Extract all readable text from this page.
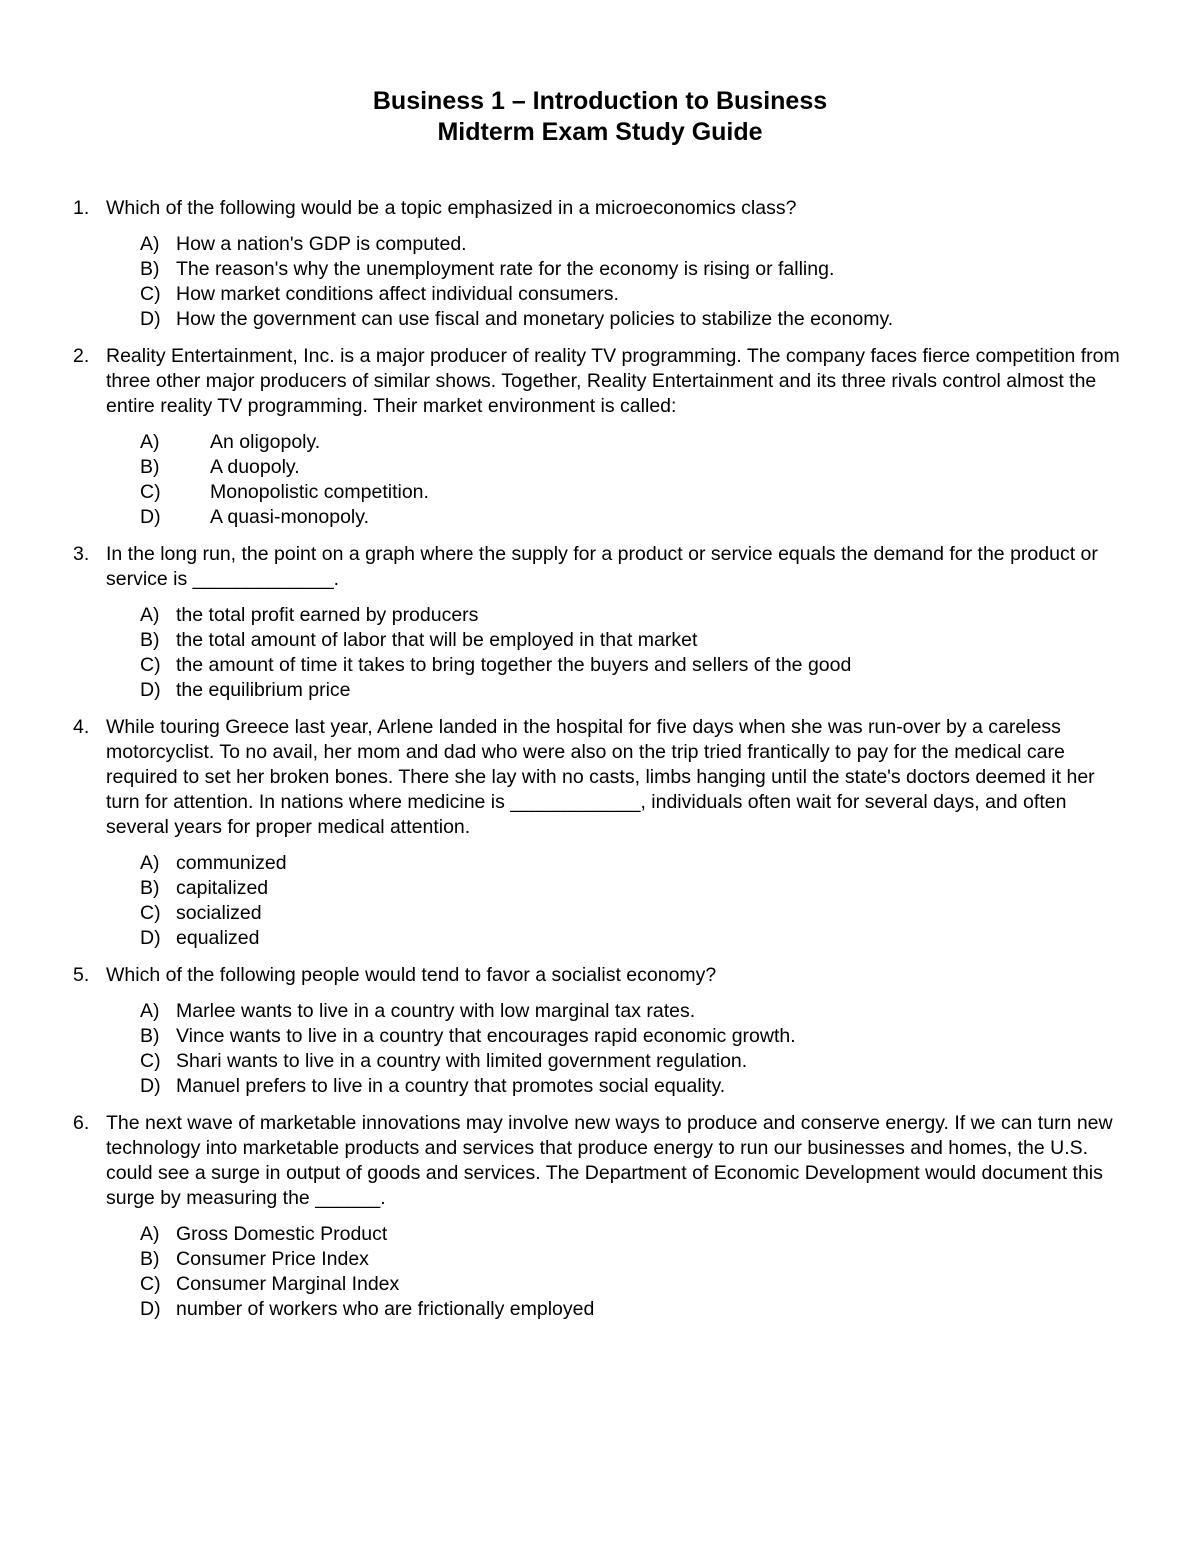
Business 1 – Introduction to Business
Midterm Exam Study Guide
1. Which of the following would be a topic emphasized in a microeconomics class?
A) How a nation's GDP is computed.
B) The reason's why the unemployment rate for the economy is rising or falling.
C) How market conditions affect individual consumers.
D) How the government can use fiscal and monetary policies to stabilize the economy.
2. Reality Entertainment, Inc. is a major producer of reality TV programming. The company faces fierce competition from three other major producers of similar shows. Together, Reality Entertainment and its three rivals control almost the entire reality TV programming. Their market environment is called:
A)	An oligopoly.
B)	A duopoly.
C)	Monopolistic competition.
D)	A quasi-monopoly.
3. In the long run, the point on a graph where the supply for a product or service equals the demand for the product or service is _____________.
A) the total profit earned by producers
B) the total amount of labor that will be employed in that market
C) the amount of time it takes to bring together the buyers and sellers of the good
D) the equilibrium price
4. While touring Greece last year, Arlene landed in the hospital for five days when she was run-over by a careless motorcyclist. To no avail, her mom and dad who were also on the trip tried frantically to pay for the medical care required to set her broken bones. There she lay with no casts, limbs hanging until the state's doctors deemed it her turn for attention. In nations where medicine is ____________, individuals often wait for several days, and often several years for proper medical attention.
A) communized
B) capitalized
C) socialized
D) equalized
5. Which of the following people would tend to favor a socialist economy?
A) Marlee wants to live in a country with low marginal tax rates.
B) Vince wants to live in a country that encourages rapid economic growth.
C) Shari wants to live in a country with limited government regulation.
D) Manuel prefers to live in a country that promotes social equality.
6. The next wave of marketable innovations may involve new ways to produce and conserve energy. If we can turn new technology into marketable products and services that produce energy to run our businesses and homes, the U.S. could see a surge in output of goods and services. The Department of Economic Development would document this surge by measuring the ______.
A) Gross Domestic Product
B) Consumer Price Index
C) Consumer Marginal Index
D) number of workers who are frictionally employed
